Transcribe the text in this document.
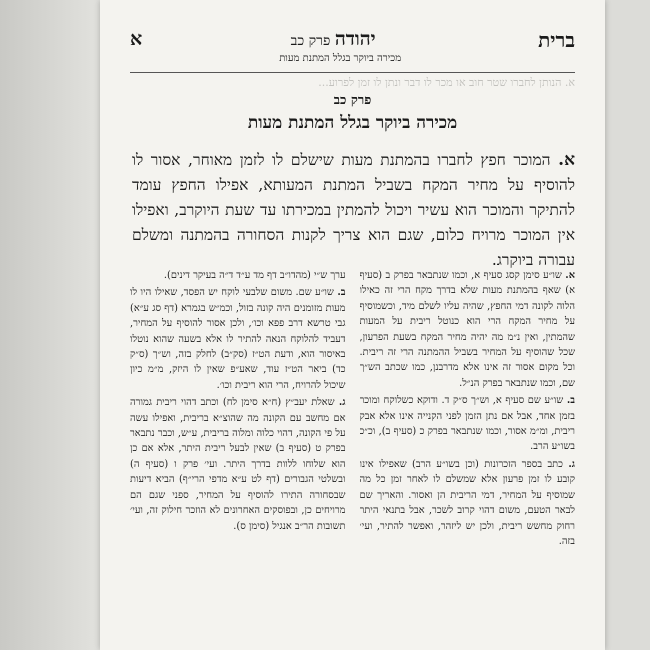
ברית
יהודה פרק כב
מכירה ביוקר בגלל המתנת מעות
א
א. הנותן לחברו שטר חוב או מכר לו דבר ונתן לו זמן לפרוע...
פרק כב
מכירה ביוקר בגלל המתנת מעות
א. המוכר חפץ לחברו בהמתנת מעות שישלם לו לזמן מאוחר, אסור לו להוסיף על מחיר המקח בשביל המתנת המעותא, אפילו החפץ עומד להתיקר והמוכר הוא עשיר ויכול להמתין במכירתו עד שעת היוקרב, ואפילו אין המוכר מרויח כלום, שגם הוא צריך לקנות הסחורה בהמתנה ומשלם עבורה ביוקרג.

א. שו״ע סימן קסג סעיף א, וכמו שנתבאר בפרק ב (סעיף א) שאף בהמתנת מעות שלא בדרך מקח הרי זה כאילו הלוה לקונה דמי החפץ, שהיה עליו לשלם מיד, וכשמוסיף על מחיר המקח הרי הוא כנוטל ריבית על המעות שהמתין, ואין נ״מ מה יהיה מחיר המקח בשעת הפרעון, שכל שהוסיף על המחיר בשביל ההמתנה הרי זה ריבית. וכל מקום אסור זה אינו אלא מדרבנן, כמו שכתב הש״ך שם, וכמו שנתבאר בפרק הנ״ל.

ב. שו״ע שם סעיף א, וש״ך ס״ק ד. ודוקא כשלוקח ומוכר בזמן אחד, אבל אם נתן הזמן לפני הקנייה אינו אלא אבק ריבית, ומ״מ אסור, וכמו שנתבאר בפרק כ (סעיף ב), וכ״כ בשו״ע הרב.

ג. כתב בספר הזכרונות (וכן בשו״ע הרב) שאפילו אינו קובע לו זמן פרעון אלא שמשלם לו לאחר זמן כל מה שמוסיף על המחיר, דמי הריבית הן ואסור. והאריך שם לבאר הטעם, משום דהוי קרוב לשכר, אבל בתנאי היתר רחוק מחשש ריבית, ולכן יש ליזהר, ואפשר להתיר, ועי׳ בזה.

ערך ש״י (מהדו״ב דף מד ע״ד ד״ה בעיקר דינים).

ב. שו״ע שם. משום שלבעי לוקח יש הפסד, שאילו היו לו מעות מזומנים היה קונה בזול, וכמ״ש בגמרא (דף סג ע״א) גבי טרשא דרב פפא וכו׳, ולכן אסור להוסיף על המחיר, דעביד להלוקח הנאה להתיר לו אלא בשעה שהוא נוטלו באיסור הוא, ודעת הט״ז (סק״ב) לחלק בזה, וש״ך (ס״ק כד) ביאר הט״ז עוד, שאע״פ שאין לו היזק, מ״מ כיון שיכול להרויח, הרי הוא ריבית וכו׳.

ג. שאלת יעב״ץ (ח״א סימן לח) וכתב דהוי ריבית גמורה אם מחשב עם הקונה מה שהוצ״א בריבית, ואפילו עשה על פי הקונה, דהוי כלוה ומלוה בריבית, ע״ש, וכבר נתבאר בפרק ט (סעיף ב) שאין לבעל ריבית היתר, אלא אם כן הוא שלוחו ללוות בדרך היתר. ועי׳ פרק ו (סעיף ה) ובשלטי הגבורים (דף לט ע״א מדפי הרי״ף) הביא דיעות שבסחורה התירו להוסיף על המחיר, ספני שגם הם מרויחים כן, ובפוסקים האחרונים לא הוזכר חילוק זה, ועי׳ תשובות הר״ב אנגיל (סימן ס).
